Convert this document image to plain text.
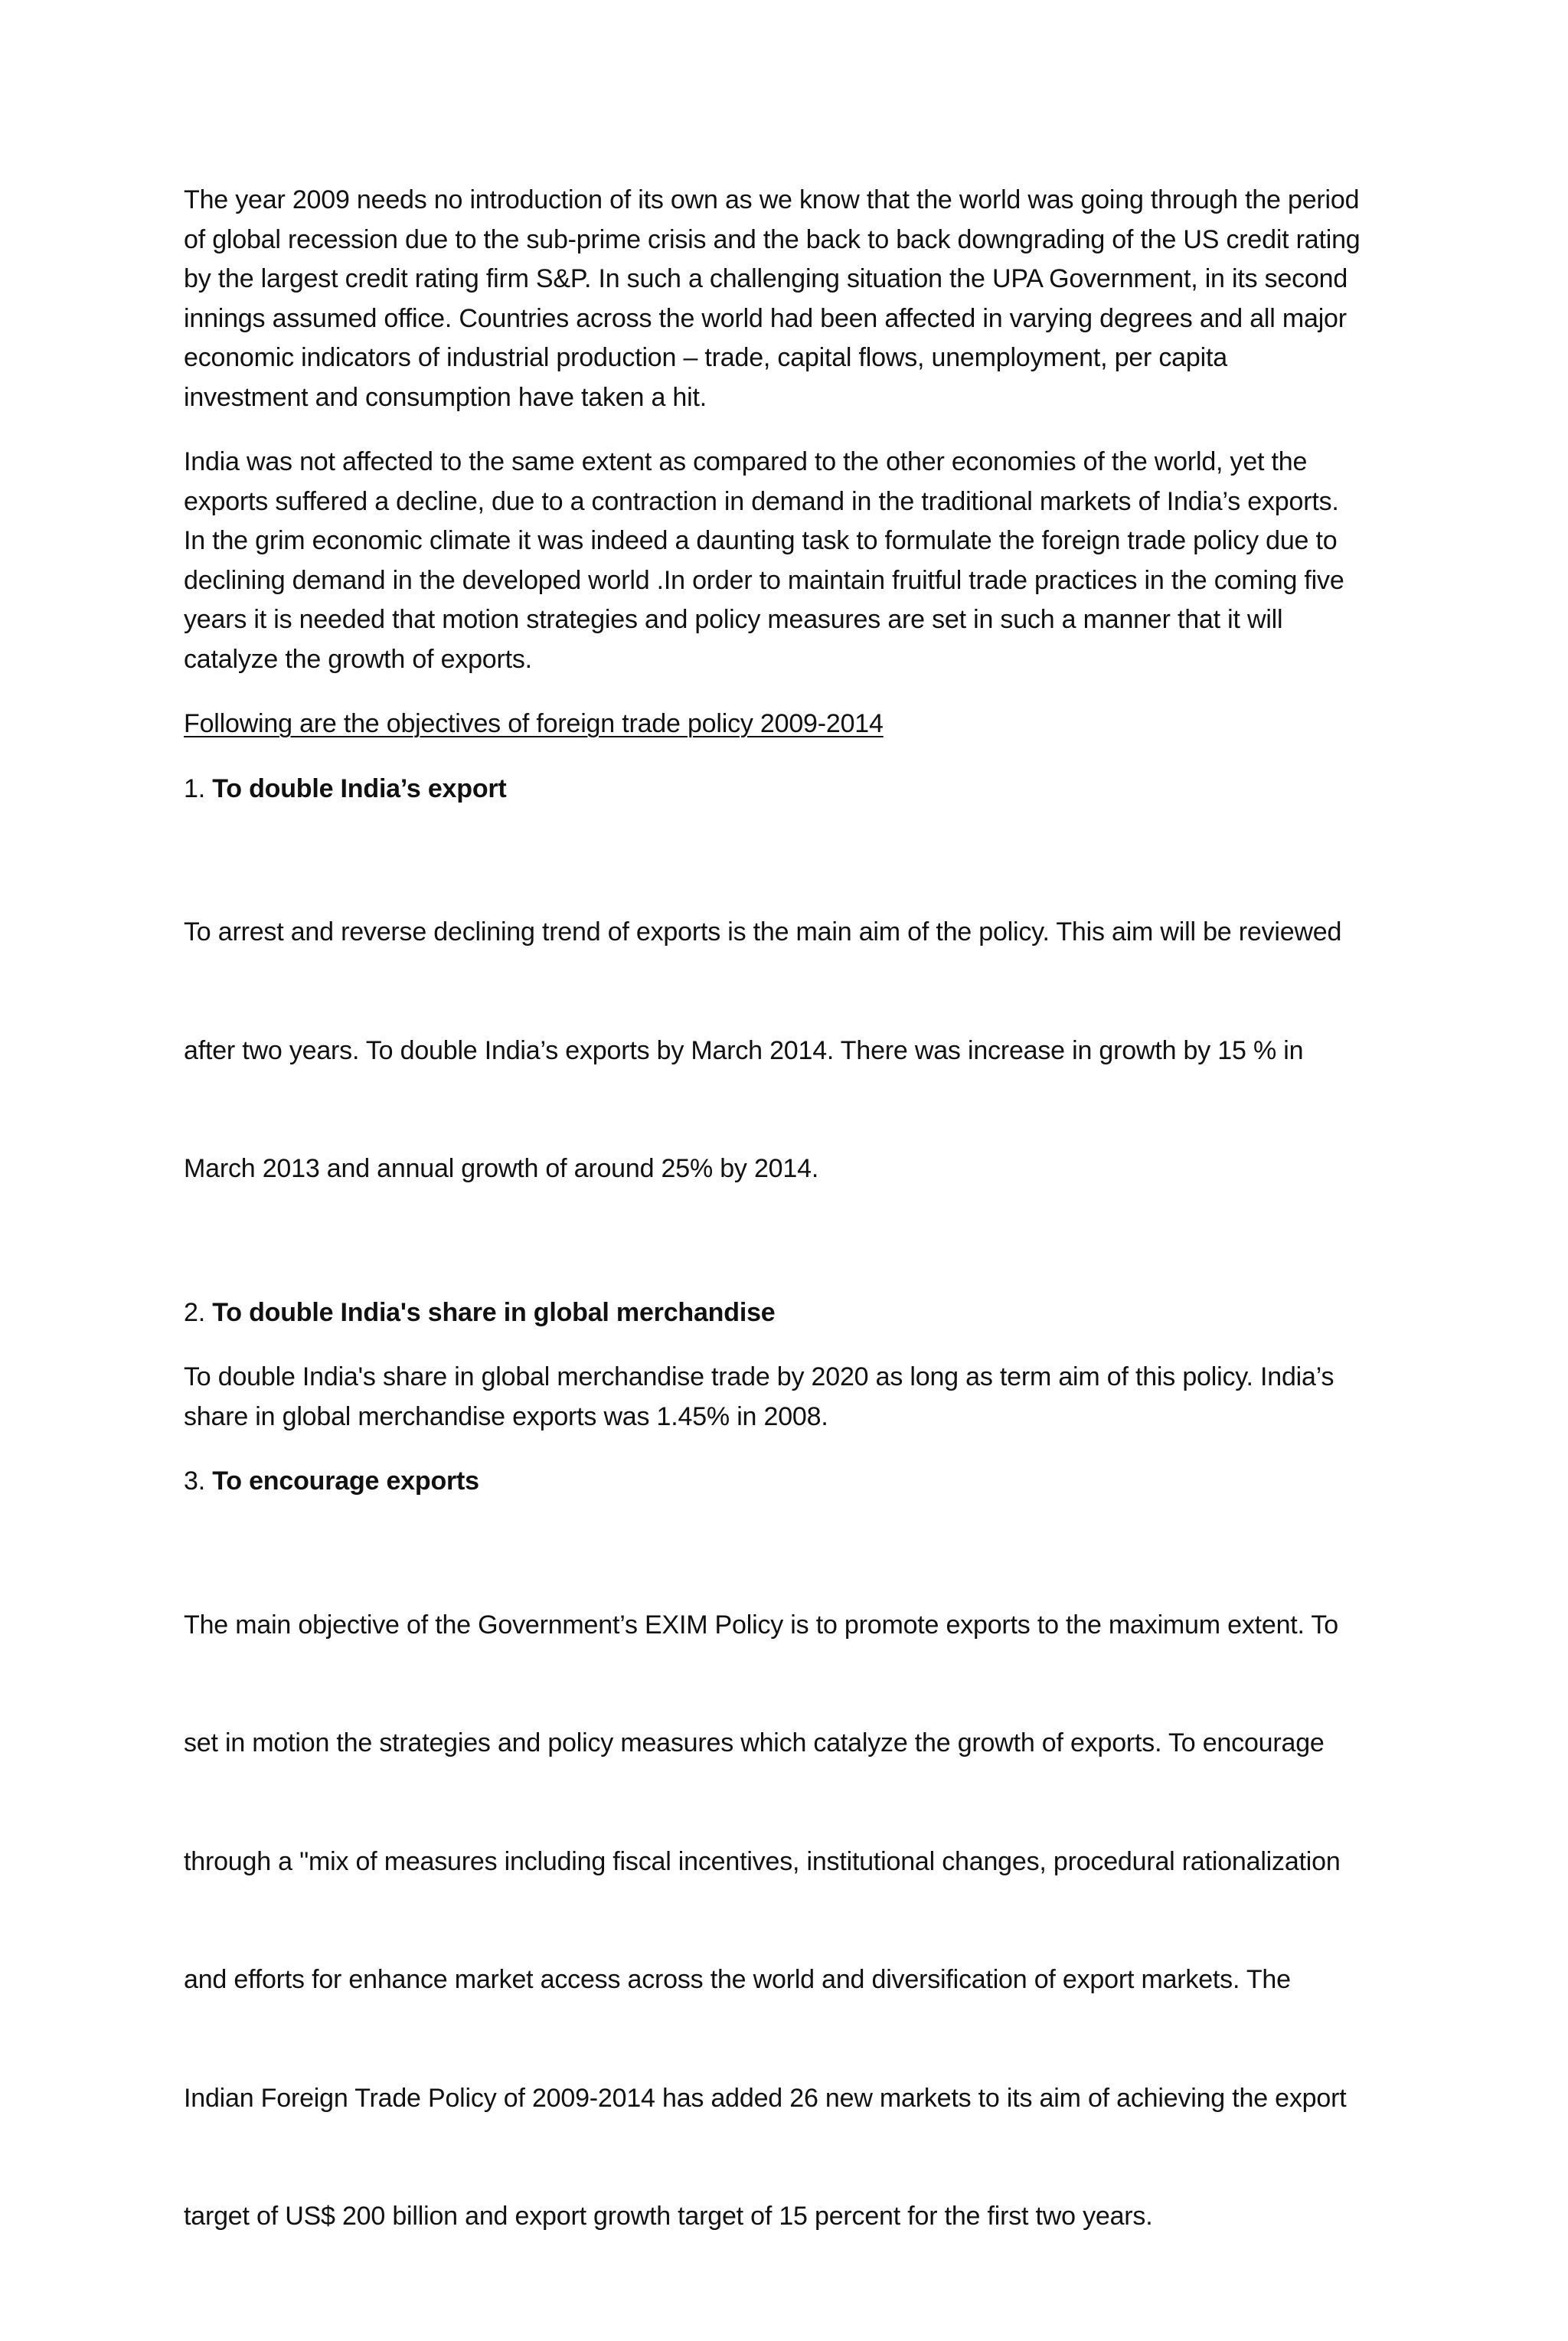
The year 2009 needs no introduction of its own as we know that the world was going through the period
of global recession due to the sub-prime crisis and the back to back downgrading of the US credit rating
by the largest credit rating firm S&P. In such a challenging situation the UPA Government, in its second
innings assumed office. Countries across the world had been affected in varying degrees and all major
economic indicators of industrial production – trade, capital flows, unemployment, per capita
investment and consumption have taken a hit.

India was not affected to the same extent as compared to the other economies of the world, yet the
exports suffered a decline, due to a contraction in demand in the traditional markets of India’s exports.
In the grim economic climate it was indeed a daunting task to formulate the foreign trade policy due to
declining demand in the developed world .In order to maintain fruitful trade practices in the coming five
years it is needed that motion strategies and policy measures are set in such a manner that it will
catalyze the growth of exports.

Following are the objectives of foreign trade policy 2009-2014

1. To double India’s export

To arrest and reverse declining trend of exports is the main aim of the policy. This aim will be reviewed

after two years. To double India’s exports by March 2014. There was increase in growth by 15 % in

March 2013 and annual growth of around 25% by 2014.

2. To double India's share in global merchandise

To double India's share in global merchandise trade by 2020 as long as term aim of this policy. India’s
share in global merchandise exports was 1.45% in 2008.

3. To encourage exports

The main objective of the Government’s EXIM Policy is to promote exports to the maximum extent. To

set in motion the strategies and policy measures which catalyze the growth of exports. To encourage

through a "mix of measures including fiscal incentives, institutional changes, procedural rationalization

and efforts for enhance market access across the world and diversification of export markets. The

Indian Foreign Trade Policy of 2009-2014 has added 26 new markets to its aim of achieving the export

target of US$ 200 billion and export growth target of 15 percent for the first two years.
